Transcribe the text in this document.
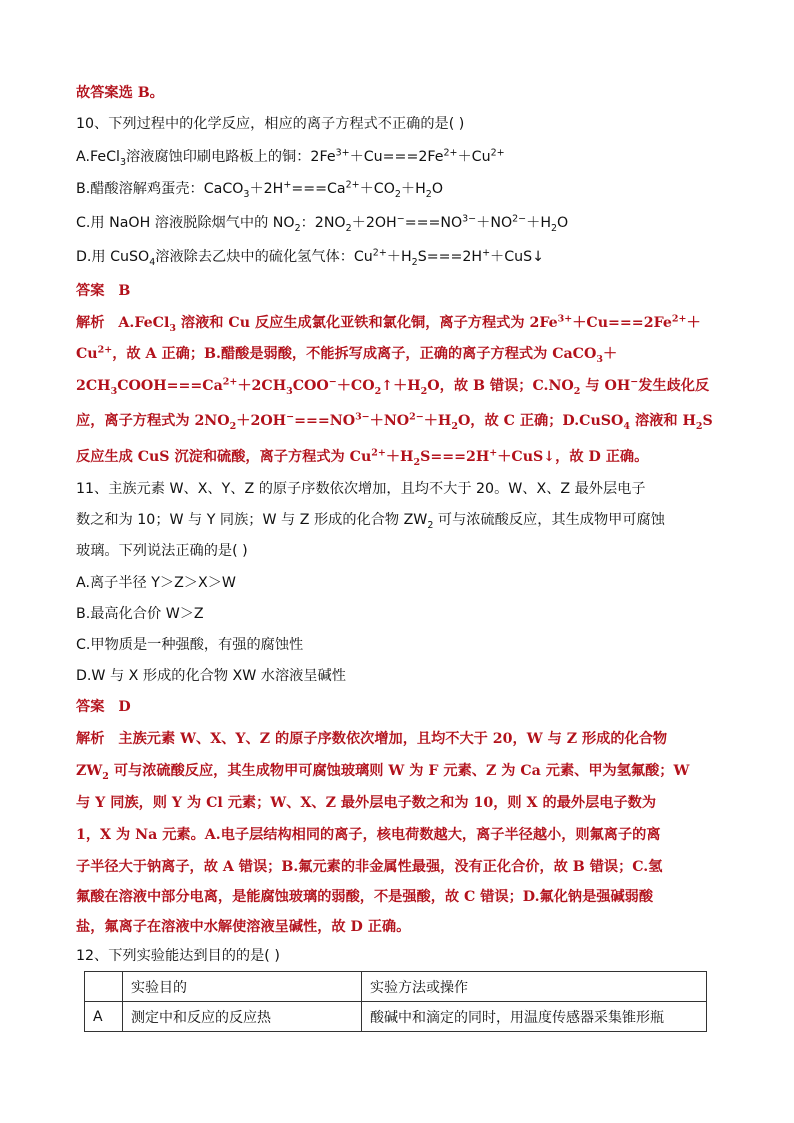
故答案选 B。
10、下列过程中的化学反应，相应的离子方程式不正确的是( )
A.FeCl$_3$溶液腐蚀印刷电路板上的铜：$2Fe^{3+}+Cu===2Fe^{2+}+Cu^{2+}$
B.醋酸溶解鸡蛋壳：$CaCO_3+2H^+===Ca^{2+}+CO_2+H_2O$
C.用 NaOH 溶液脱除烟气中的 $NO_2$：$2NO_2+2OH^-===NO^{3-}+NO^{2-}+H_2O$
D.用 CuSO$_4$溶液除去乙炔中的硫化氢气体：$Cu^{2+}+H_2S===2H^++CuS↓$
答案 B
解析 A.FeCl$_3$ 溶液和 Cu 反应生成氯化亚铁和氯化铜，离子方程式为 $2Fe^{3+}+Cu===2Fe^{2+}+$
$Cu^{2+}$，故 A 正确；B.醋酸是弱酸，不能拆写成离子，正确的离子方程式为 CaCO$_3$＋
$2CH_3COOH===Ca^{2+}+2CH_3COO^-+CO_2↑+H_2O$，故 B 错误；$C.NO_2$ 与 OH−发生歧化反
应，离子方程式为 $2NO_2+2OH^-===NO^{3-}+NO^{2-}+H_2O$，故 C 正确；D.CuSO$_4$ 溶液和 $H_2S$
反应生成 CuS 沉淀和硫酸，离子方程式为 $Cu^{2+}+H_2S===2H^++CuS↓$，故 D 正确。
11、主族元素 W、X、Y、Z 的原子序数依次增加，且均不大于 20。W、X、Z 最外层电子
数之和为 10；W 与 Y 同族；W 与 Z 形成的化合物 $ZW_2$ 可与浓硫酸反应，其生成物甲可腐蚀
玻璃。下列说法正确的是( )
A.离子半径 Y＞Z＞X＞W
B.最高化合价 W＞Z
C.甲物质是一种强酸，有强的腐蚀性
D.W 与 X 形成的化合物 XW 水溶液呈碱性
答案 D
解析 主族元素 W、X、Y、Z 的原子序数依次增加，且均不大于 20，W 与 Z 形成的化合物
$ZW_2$ 可与浓硫酸反应，其生成物甲可腐蚀玻璃则 W 为 F 元素、Z 为 Ca 元素、甲为氢氟酸；W
与 Y 同族，则 Y 为 Cl 元素；W、X、Z 最外层电子数之和为 10，则 X 的最外层电子数为
1，X 为 Na 元素。A.电子层结构相同的离子，核电荷数越大，离子半径越小，则氟离子的离
子半径大于钠离子，故 A 错误；B.氟元素的非金属性最强，没有正化合价，故 B 错误；C.氢
氟酸在溶液中部分电离，是能腐蚀玻璃的弱酸，不是强酸，故 C 错误；D.氟化钠是强碱弱酸
盐，氟离子在溶液中水解使溶液呈碱性，故 D 正确。
12、下列实验能达到目的的是( )
	实验目的	实验方法或操作
A	测定中和反应的反应热	酸碱中和滴定的同时，用温度传感器采集锥形瓶
